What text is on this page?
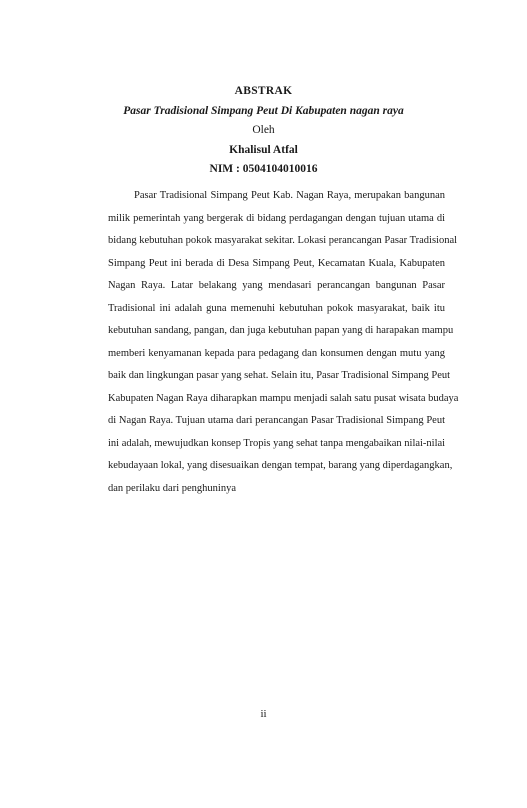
ABSTRAK
Pasar Tradisional Simpang Peut Di Kabupaten nagan raya
Oleh
Khalisul Atfal
NIM : 0504104010016
Pasar Tradisional Simpang Peut Kab. Nagan Raya, merupakan bangunan
milik pemerintah yang bergerak di bidang perdagangan dengan tujuan utama di
bidang kebutuhan pokok masyarakat sekitar. Lokasi perancangan Pasar Tradisional
Simpang Peut ini berada di Desa Simpang Peut, Kecamatan Kuala, Kabupaten
Nagan Raya. Latar belakang yang mendasari perancangan bangunan Pasar
Tradisional ini adalah guna memenuhi kebutuhan pokok masyarakat, baik itu
kebutuhan sandang, pangan, dan juga kebutuhan papan yang di harapakan mampu
memberi kenyamanan kepada para pedagang dan konsumen dengan mutu yang
baik dan lingkungan pasar yang sehat. Selain itu, Pasar Tradisional Simpang Peut
Kabupaten Nagan Raya diharapkan mampu menjadi salah satu pusat wisata budaya
di Nagan Raya. Tujuan utama dari perancangan Pasar Tradisional Simpang Peut
ini adalah, mewujudkan konsep Tropis yang sehat tanpa mengabaikan nilai-nilai
kebudayaan lokal, yang disesuaikan dengan tempat, barang yang diperdagangkan,
dan perilaku dari penghuninya
ii
